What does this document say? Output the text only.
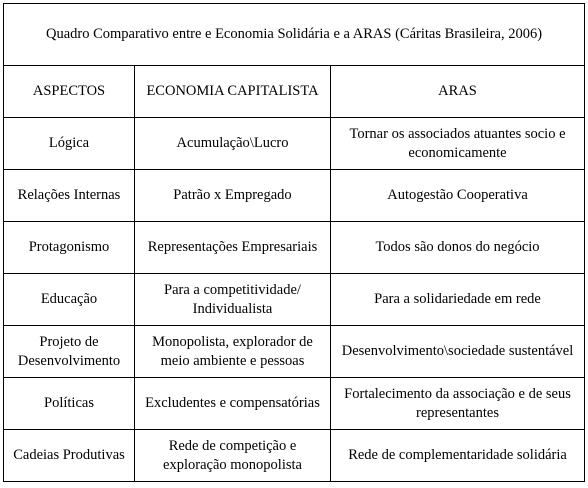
Quadro Comparativo entre e Economia Solidária e a ARAS (Cáritas Brasileira, 2006)		
ASPECTOS	ECONOMIA CAPITALISTA	ARAS
Lógica	Acumulação\Lucro	Tornar os associados atuantes socio e economicamente
Relações Internas	Patrão x Empregado	Autogestão Cooperativa
Protagonismo	Representações Empresariais	Todos são donos do negócio
Educação	Para a competitividade/ Individualista	Para a solidariedade em rede
Projeto de Desenvolvimento	Monopolista, explorador de meio ambiente e pessoas	Desenvolvimento\sociedade sustentável
Políticas	Excludentes e compensatórias	Fortalecimento da associação e de seus representantes
Cadeias Produtivas	Rede de competição e exploração monopolista	Rede de complementaridade solidária
